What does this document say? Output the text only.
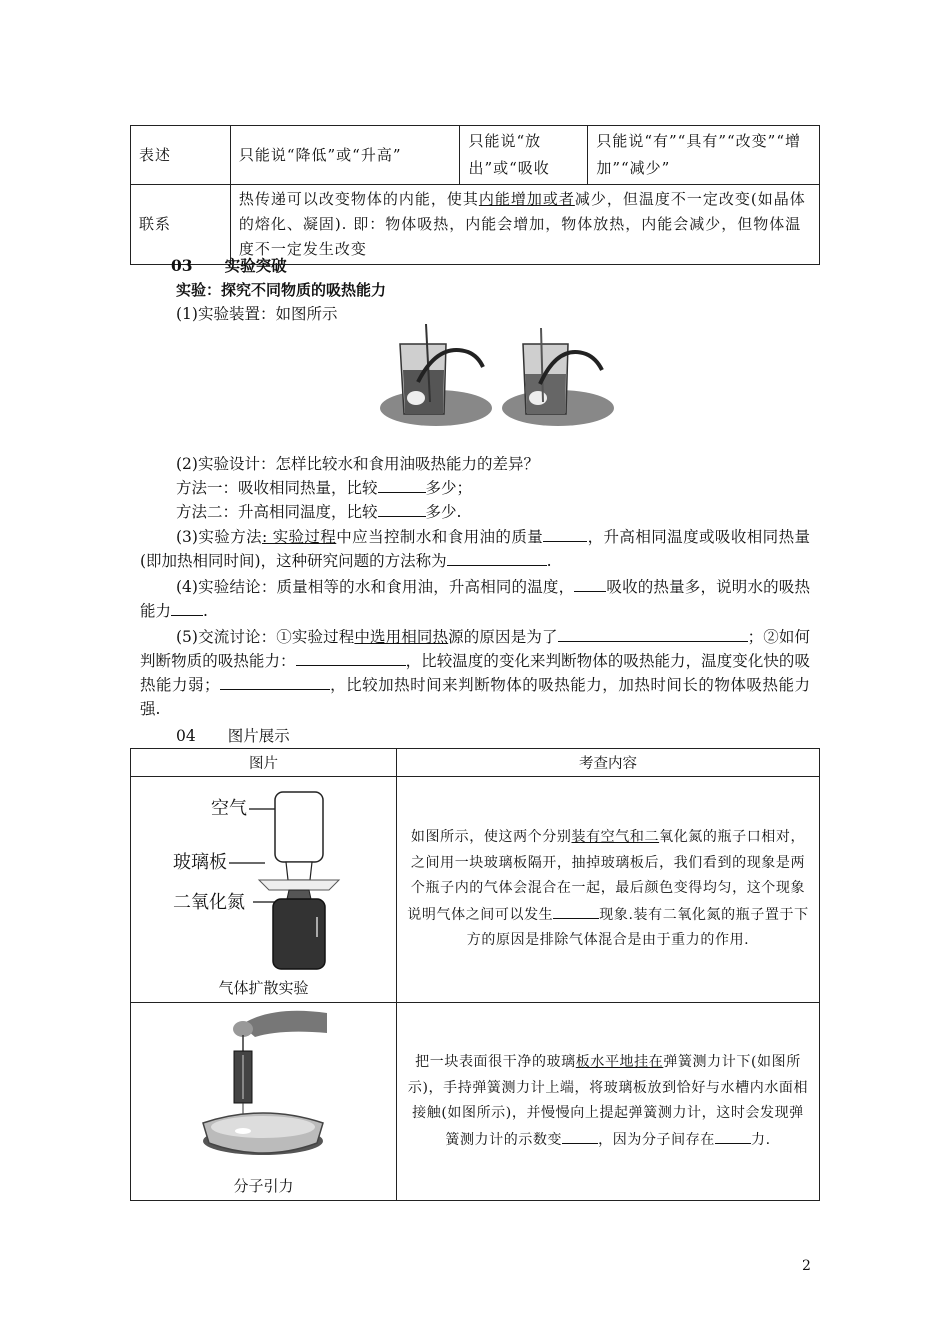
表述	只能说“降低”或“升高”	只能说“放出”或“吸收	只能说“有”“具有”“改变”“增加”“减少”
联系	热传递可以改变物体的内能，使其内能增加或者减少，但温度不一定改变(如晶体的熔化、凝固). 即：物体吸热，内能会增加，物体放热，内能会减少，但物体温度不一定发生改变		
03 实验突破
实验：探究不同物质的吸热能力
(1)实验装置：如图所示
(2)实验设计：怎样比较水和食用油吸热能力的差异？
方法一：吸收相同热量，比较	多少；
方法二：升高相同温度，比较	多少.
(3)实验方法: 实验过程中应当控制水和食用油的质量	，升高相同温度或吸收相同热量(即加热相同时间)，这种研究问题的方法称为	.
(4)实验结论：质量相等的水和食用油，升高相同的温度， 吸收的热量多，说明水的吸热能力 .
(5)交流讨论：①实验过程中选用相同热源的原因是为了	；②如何判断物质的吸热能力：	，比较温度的变化来判断物体的吸热能力，温度变化快的吸热能力弱；	，比较加热时间来判断物体的吸热能力，加热时间长的物体吸热能力强.
04 图片展示
图片	考查内容

空气
玻璃板
二氧化氮
气体扩散实验	如图所示，使这两个分别装有空气和二氧化氮的瓶子口相对，之间用一块玻璃板隔开，抽掉玻璃板后，我们看到的现象是两个瓶子内的气体会混合在一起，最后颜色变得均匀，这个现象说明气体之间可以发生 现象.装有二氧化氮的瓶子置于下方的原因是排除气体混合是由于重力的作用.

分子引力	把一块表面很干净的玻璃板水平地挂在弹簧测力计下(如图所示)，手持弹簧测力计上端，将玻璃板放到恰好与水槽内水面相接触(如图所示)，并慢慢向上提起弹簧测力计，这时会发现弹簧测力计的示数变 ，因为分子间存在 力.
2
